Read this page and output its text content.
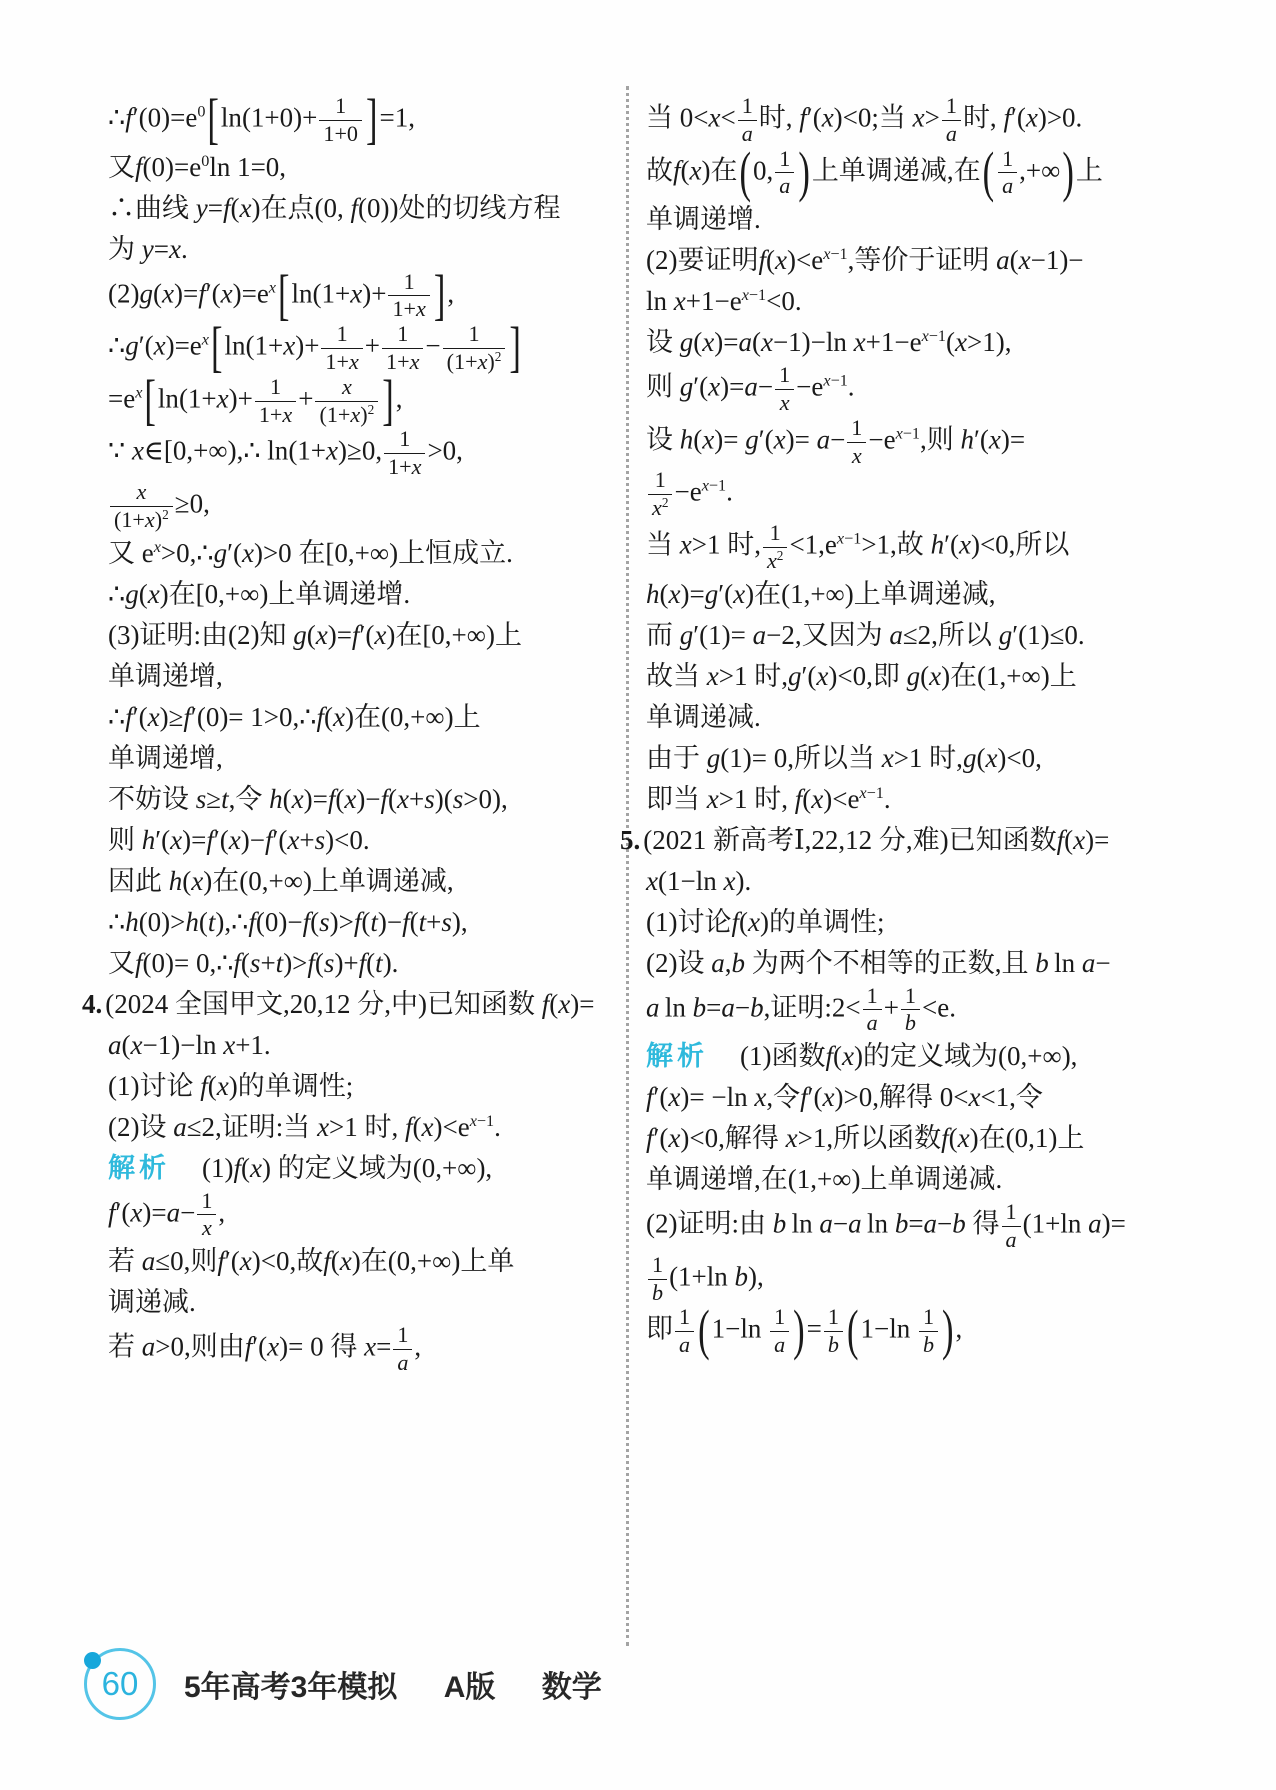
$\therefore f'(0)=e^0[\ln(1+0)+ \frac{1}{1+0} ]=1$,
又$f(0)=e^0\ln$ 1=0,
∴曲线 y=f(x)在点(0, f(0))处的切线方程
为 y=x.
$(2)g(x)=f'(x)=e^x[\ln(1+x)+ \frac{1}{1+x}$ ],
$\therefore g'(x)=e^x[\ln(1+x)+ \frac{1}{1+x} + \frac{1}{1+x} - \frac{1}{(1+x)^2}$ ]
$=e^x[\ln(1+x)+ \frac{1}{1+x} + \frac{x}{(1+x)^2}$ ],
∵ x∈[0,+∞),∴ ln(1+x)≥0, $\frac{1}{1+x} >0$,
$\frac{x}{(1+x)^2} \ge 0$,
又 $e^x>0,\therefore g'(x)>0$ 在[0,+∞)上恒成立.
∴g(x)在[0,+∞)上单调递增.
(3)证明:由(2)知 g(x)=f′(x)在[0,+∞)上
单调递增,
∴f′(x)≥f′(0)= 1>0,∴f(x)在(0,+∞)上
单调递增,
不妨设 s≥t,令 h(x)=f(x)−f(x+s)(s>0),
则 h′(x)=f′(x)−f′(x+s)<0.
因此 h(x)在(0,+∞)上单调递减,
∴h(0)>h(t),∴f(0)−f(s)>f(t)−f(t+s),
又f(0)= 0,∴f(s+t)>f(s)+f(t).
4. (2024 全国甲文,20,12 分,中)已知函数 f(x)=
a(x−1)−ln x+1.
(1)讨论 f(x)的单调性;
(2)设 a≤2,证明:当 x>1 时, $f(x)<e^{x-1}$.
解析 (1)f(x) 的定义域为(0,+∞),
$f'(x)=a- \frac{1}{x}$ ,
若 a≤0,则f′(x)<0,故f(x)在(0,+∞)上单
调递减.
若 a>0,则由f′(x)= 0 得 $x= \frac{1}{a}$ ,
当 $0<x< \frac{1}{a}$ 时, f′(x)<0;当 $x> \frac{1}{a}$ 时, f′(x)>0.
故f(x)在(0, $\frac{1}{a}$ )上单调递减,在( $\frac{1}{a}$ ,+∞)上
单调递增.
(2)要证明$f(x)<e^{x-1}$,等价于证明 a(x−1)−
$\ln x+1-e^{x-1}<0$.
设 g(x)=a(x−1)−ln $x+1-e^{x-1}(x>1)$,
则 $g'(x)=a- \frac{1}{x} -e^{x-1}$.
设 $h(x)= g'(x)= a- \frac{1}{x} -e^{x-1}$,则 h′(x)=
$\frac{1}{x^2} -e^{x-1}$.
当 x>1 时, $\frac{1}{x^2} <1,e^{x-1}>1$,故 h′(x)<0,所以
h(x)=g′(x)在(1,+∞)上单调递减,
而 g′(1)= a−2,又因为 a≤2,所以 g′(1)≤0.
故当 x>1 时,g′(x)<0,即 g(x)在(1,+∞)上
单调递减.
由于 g(1)= 0,所以当 x>1 时,g(x)<0,
即当 x>1 时, $f(x)<e^{x-1}$.
5. (2021 新高考Ⅰ,22,12 分,难)已知函数f(x)=
x(1−ln x).
(1)讨论f(x)的单调性;
(2)设 a,b 为两个不相等的正数,且 b  ln a−
a  ln b=a−b,证明:2< $\frac{1}{a} + \frac{1}{b} <e$.
解析 (1)函数f(x)的定义域为(0,+∞),
f′(x)= −ln x,令f′(x)>0,解得 0<x<1,令
f′(x)<0,解得 x>1,所以函数f(x)在(0,1)上
单调递增,在(1,+∞)上单调递减.
(2)证明:由 b  ln a−a  ln b=a−b 得 $\frac{1}{a} (1+\ln$ a)=
$\frac{1}{b} (1+\ln$ b),
即 $\frac{1}{a} (1-\ln \frac{1}{a}$ )= $\frac{1}{b} (1-\ln \frac{1}{b}$ ),
60 5年高考3年模拟 A版 数学
